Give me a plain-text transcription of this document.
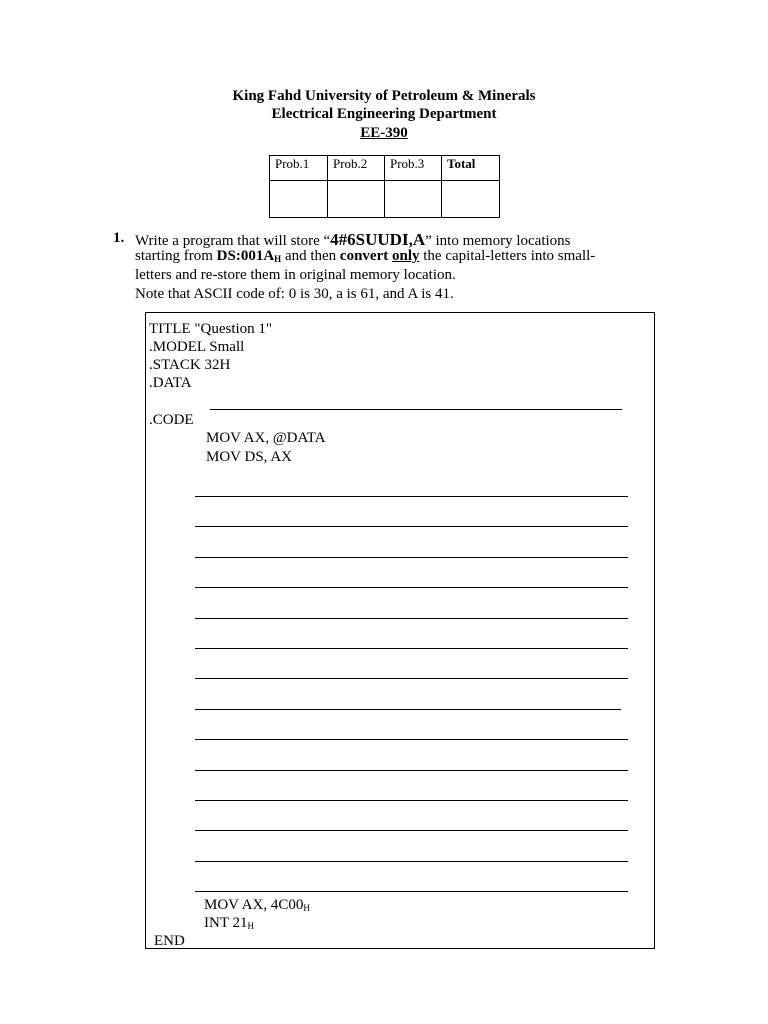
King Fahd University of Petroleum & Minerals
Electrical Engineering Department
EE-390
Prob.1	Prob.2	Prob.3	Total

1. Write a program that will store “4#6SUUDI,A” into memory locations
starting from $DS:001A_H$ and then convert only the capital-letters into small-
letters and re-store them in original memory location.
Note that ASCII code of: 0 is 30, a is 61, and A is 41.
TITLE "Question 1"
.MODEL Small
.STACK 32H
.DATA
.CODE
MOV AX, @DATA
MOV DS, AX
MOV AX, $4C00_H$
INT $21_H$
END
